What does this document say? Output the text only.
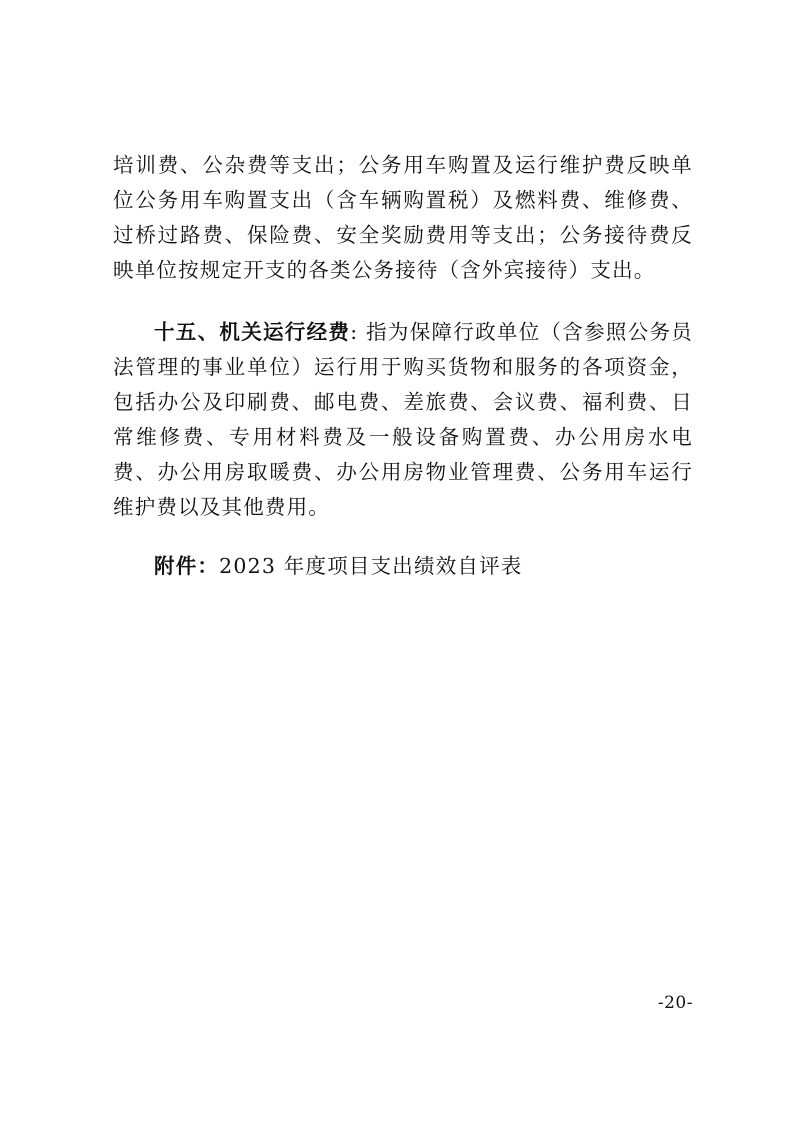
培训费、公杂费等支出；公务用车购置及运行维护费反映单位公务用车购置支出（含车辆购置税）及燃料费、维修费、过桥过路费、保险费、安全奖励费用等支出；公务接待费反映单位按规定开支的各类公务接待（含外宾接待）支出。

十五、机关运行经费: 指为保障行政单位（含参照公务员法管理的事业单位）运行用于购买货物和服务的各项资金，包括办公及印刷费、邮电费、差旅费、会议费、福利费、日常维修费、专用材料费及一般设备购置费、办公用房水电费、办公用房取暖费、办公用房物业管理费、公务用车运行维护费以及其他费用。

附件：2023 年度项目支出绩效自评表
-20-
